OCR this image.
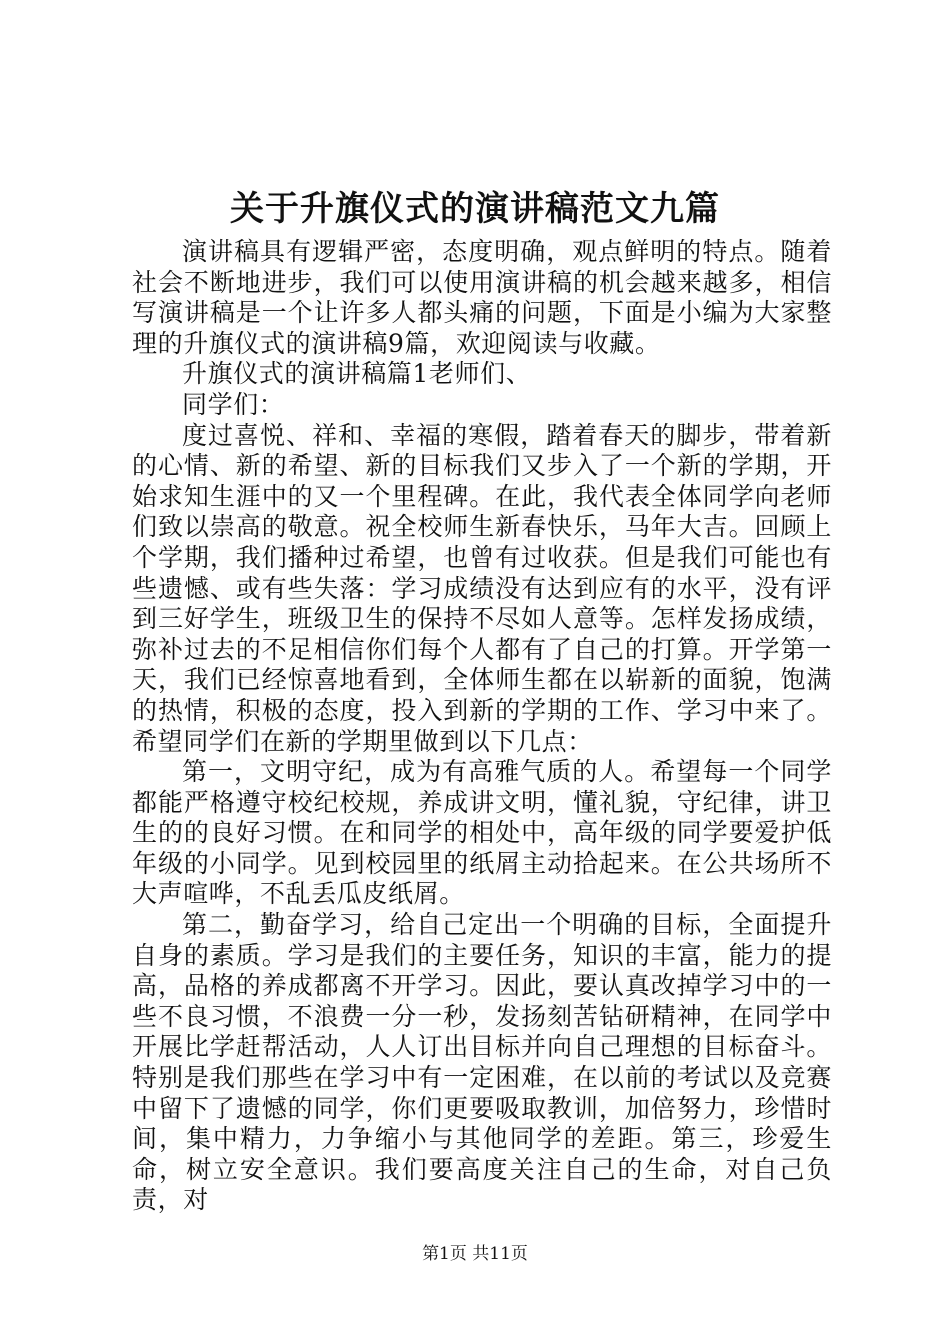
关于升旗仪式的演讲稿范文九篇

演讲稿具有逻辑严密，态度明确，观点鲜明的特点。随着社会不断地进步，我们可以使用演讲稿的机会越来越多，相信写演讲稿是一个让许多人都头痛的问题，下面是小编为大家整理的升旗仪式的演讲稿9篇，欢迎阅读与收藏。

升旗仪式的演讲稿篇1老师们、

同学们：

度过喜悦、祥和、幸福的寒假，踏着春天的脚步，带着新的心情、新的希望、新的目标我们又步入了一个新的学期，开始求知生涯中的又一个里程碑。在此，我代表全体同学向老师们致以崇高的敬意。祝全校师生新春快乐，马年大吉。回顾上个学期，我们播种过希望，也曾有过收获。但是我们可能也有些遗憾、或有些失落：学习成绩没有达到应有的水平，没有评到三好学生，班级卫生的保持不尽如人意等。怎样发扬成绩，弥补过去的不足相信你们每个人都有了自己的打算。开学第一天，我们已经惊喜地看到，全体师生都在以崭新的面貌，饱满的热情，积极的态度，投入到新的学期的工作、学习中来了。希望同学们在新的学期里做到以下几点：

第一，文明守纪，成为有高雅气质的人。希望每一个同学都能严格遵守校纪校规，养成讲文明，懂礼貌，守纪律，讲卫生的的良好习惯。在和同学的相处中，高年级的同学要爱护低年级的小同学。见到校园里的纸屑主动拾起来。在公共场所不大声喧哗，不乱丢瓜皮纸屑。

第二，勤奋学习，给自己定出一个明确的目标，全面提升自身的素质。学习是我们的主要任务，知识的丰富，能力的提高，品格的养成都离不开学习。因此，要认真改掉学习中的一些不良习惯，不浪费一分一秒，发扬刻苦钻研精神，在同学中开展比学赶帮活动，人人订出目标并向自己理想的目标奋斗。特别是我们那些在学习中有一定困难，在以前的考试以及竞赛中留下了遗憾的同学，你们更要吸取教训，加倍努力，珍惜时间，集中精力，力争缩小与其他同学的差距。第三，珍爱生命，树立安全意识。我们要高度关注自己的生命，对自己负责，对

第1页 共11页
